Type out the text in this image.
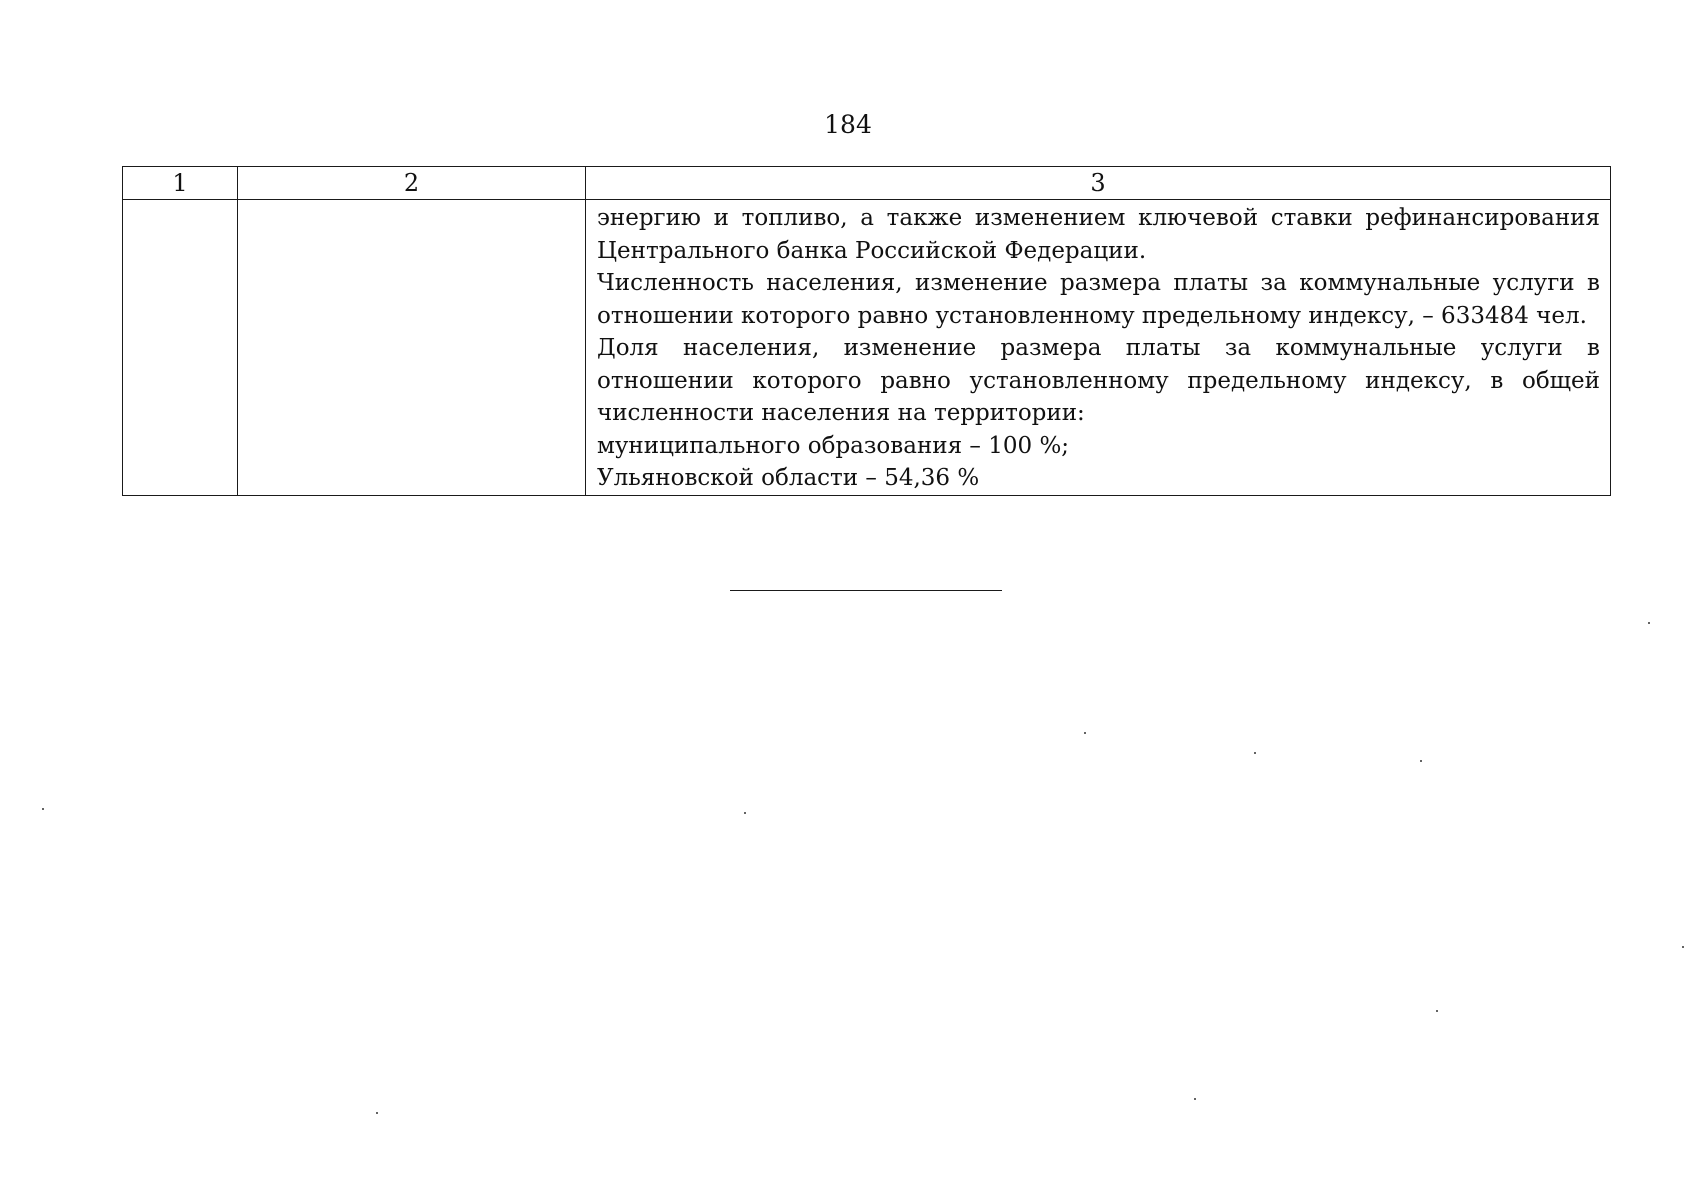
184
1	2	3

		энергию и топливо, а также изменением ключевой ставки рефинансирования Центрального банка Российской Федерации.

Численность населения, изменение размера платы за коммунальные услуги в отношении которого равно установленному предельному индексу, – 633484 чел.

Доля населения, изменение размера платы за коммунальные услуги в отношении которого равно установленному предельному индексу, в общей численности населения на территории:

муниципального образования – 100 %;

Ульяновской области – 54,36 %
